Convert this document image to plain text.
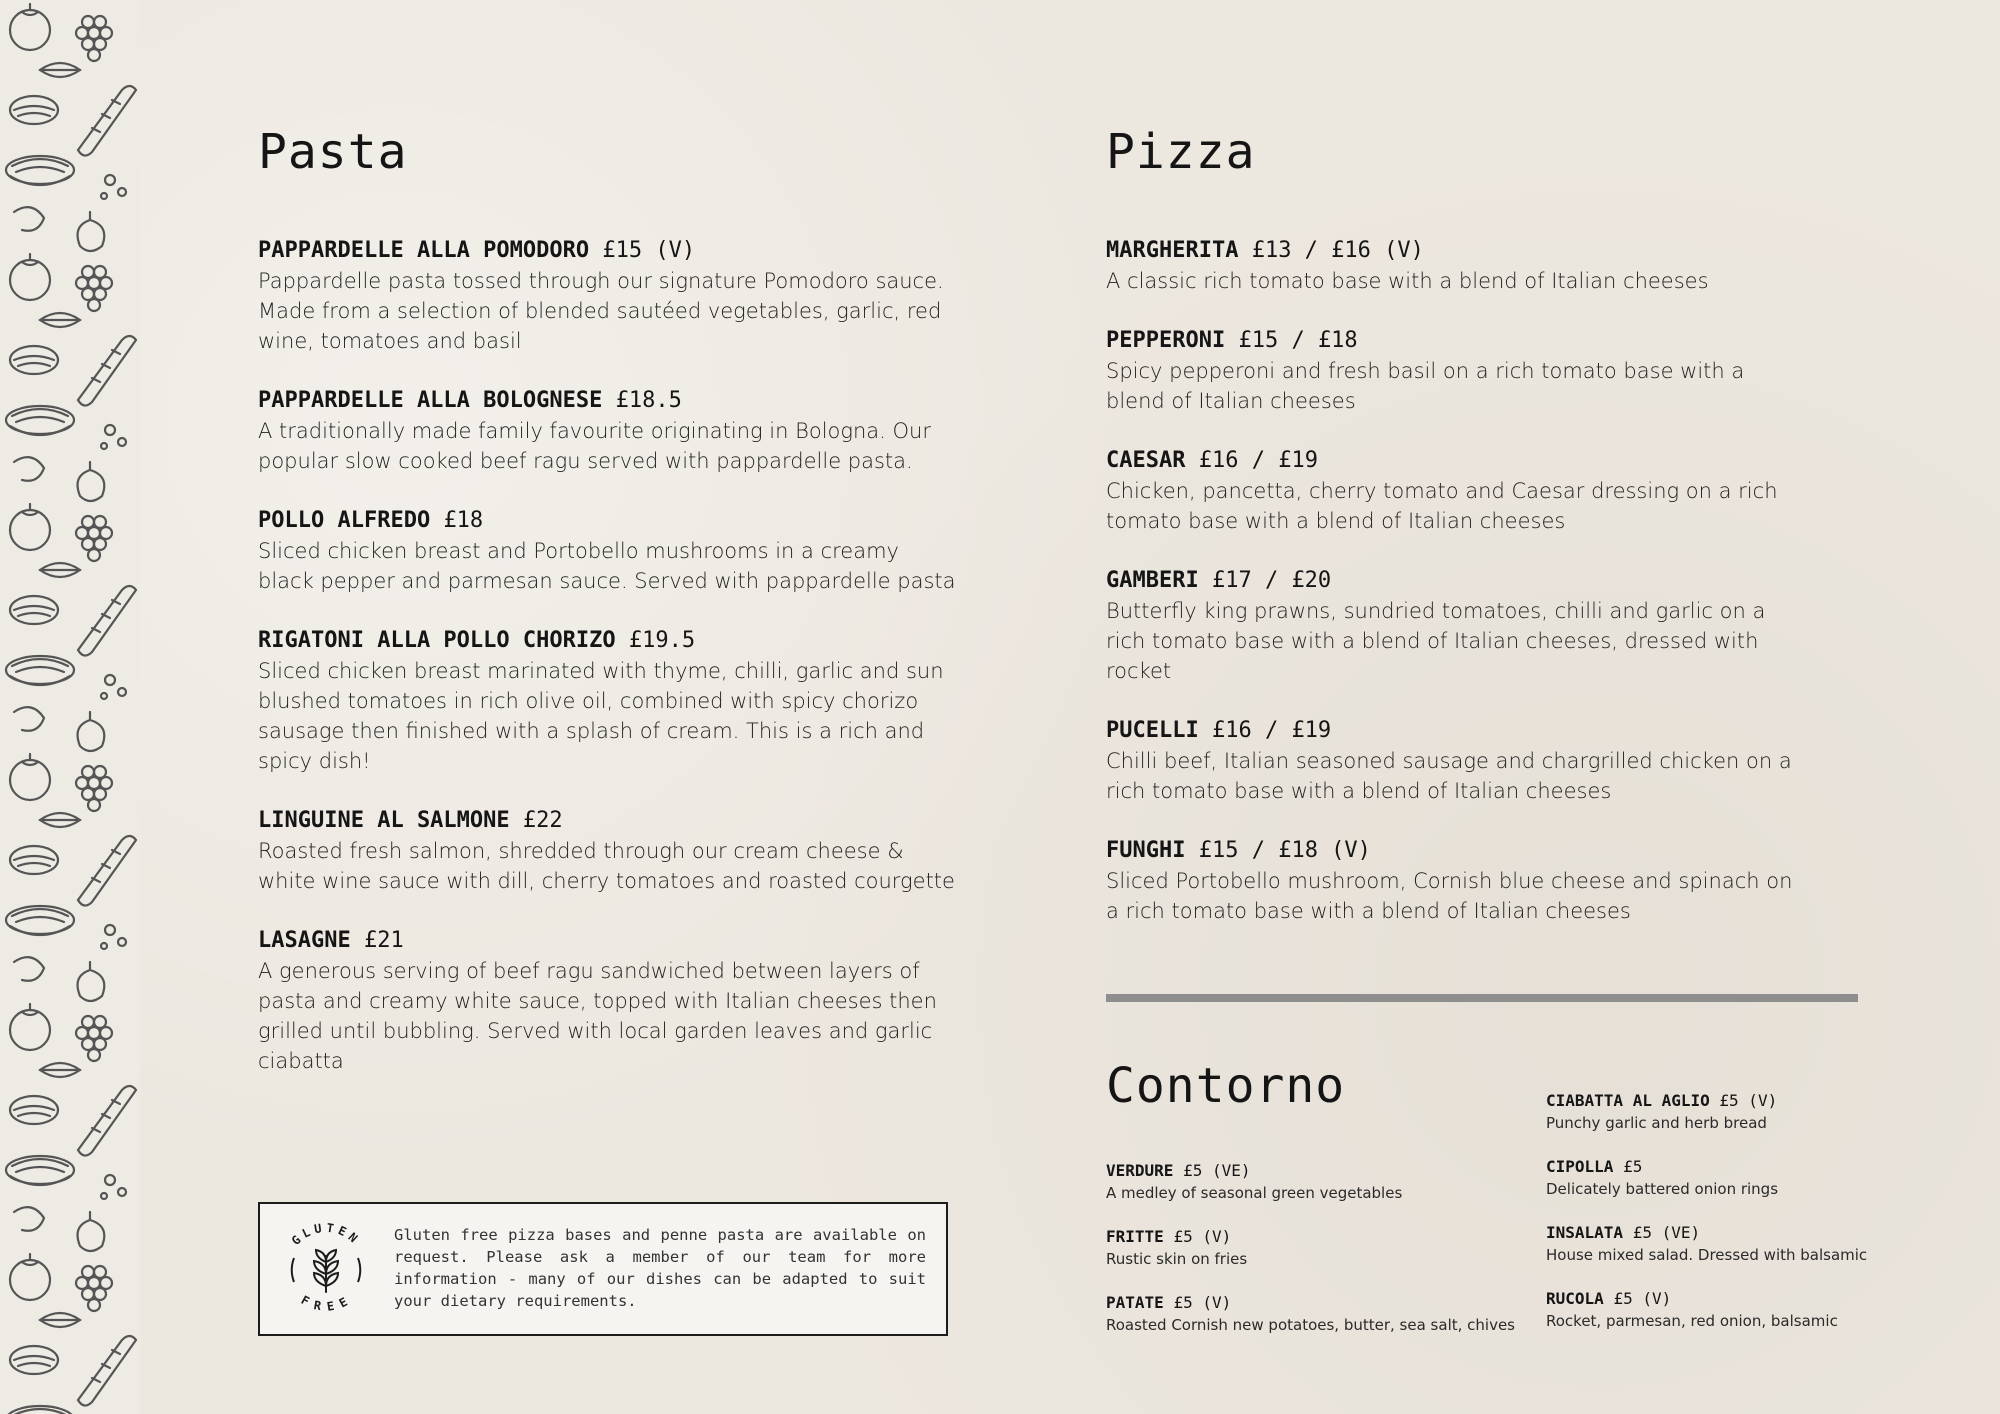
Pasta
PAPPARDELLE ALLA POMODORO £15 (V)
Pappardelle pasta tossed through our signature Pomodoro sauce. Made from a selection of blended sautéed vegetables, garlic, red wine, tomatoes and basil
PAPPARDELLE ALLA BOLOGNESE £18.5
A traditionally made family favourite originating in Bologna. Our popular slow cooked beef ragu served with pappardelle pasta.
POLLO ALFREDO £18
Sliced chicken breast and Portobello mushrooms in a creamy black pepper and parmesan sauce. Served with pappardelle pasta
RIGATONI ALLA POLLO CHORIZO £19.5
Sliced chicken breast marinated with thyme, chilli, garlic and sun blushed tomatoes in rich olive oil, combined with spicy chorizo sausage then finished with a splash of cream. This is a rich and spicy dish!
LINGUINE AL SALMONE £22
Roasted fresh salmon, shredded through our cream cheese & white wine sauce with dill, cherry tomatoes and roasted courgette
LASAGNE £21
A generous serving of beef ragu sandwiched between layers of pasta and creamy white sauce, topped with Italian cheeses then grilled until bubbling. Served with local garden leaves and garlic ciabatta
Pizza
MARGHERITA £13 / £16 (V)
A classic rich tomato base with a blend of Italian cheeses
PEPPERONI £15 / £18
Spicy pepperoni and fresh basil on a rich tomato base with a blend of Italian cheeses
CAESAR £16 / £19
Chicken, pancetta, cherry tomato and Caesar dressing on a rich tomato base with a blend of Italian cheeses
GAMBERI £17 / £20
Butterfly king prawns, sundried tomatoes, chilli and garlic on a rich tomato base with a blend of Italian cheeses, dressed with rocket
PUCELLI £16 / £19
Chilli beef, Italian seasoned sausage and chargrilled chicken on a rich tomato base with a blend of Italian cheeses
FUNGHI £15 / £18 (V)
Sliced Portobello mushroom, Cornish blue cheese and spinach on a rich tomato base with a blend of Italian cheeses
Contorno
VERDURE £5 (VE)
A medley of seasonal green vegetables
FRITTE £5 (V)
Rustic skin on fries
PATATE £5 (V)
Roasted Cornish new potatoes, butter, sea salt, chives
CIABATTA AL AGLIO £5 (V)
Punchy garlic and herb bread
CIPOLLA £5
Delicately battered onion rings
INSALATA £5 (VE)
House mixed salad. Dressed with balsamic
RUCOLA £5 (V)
Rocket, parmesan, red onion, balsamic
GLUTEN
FREE
Gluten free pizza bases and penne pasta are available on request. Please ask a member of our team for more information - many of our dishes can be adapted to suit your dietary requirements.
